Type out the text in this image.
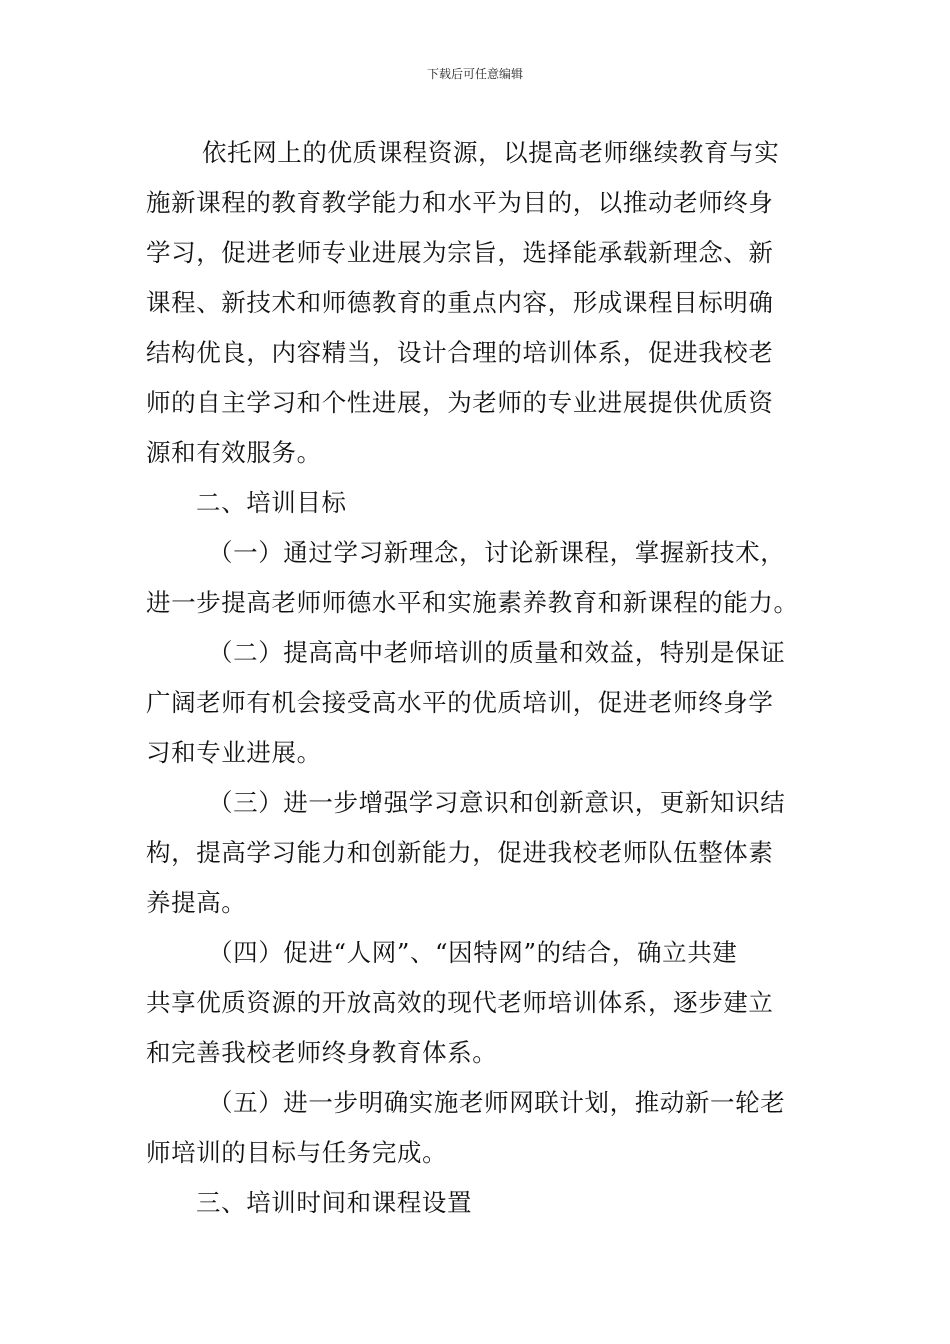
下载后可任意编辑
依托网上的优质课程资源，以提高老师继续教育与实
施新课程的教育教学能力和水平为目的，以推动老师终身
学习，促进老师专业进展为宗旨，选择能承载新理念、新
课程、新技术和师德教育的重点内容，形成课程目标明确
结构优良，内容精当，设计合理的培训体系，促进我校老
师的自主学习和个性进展，为老师的专业进展提供优质资
源和有效服务。
二、培训目标
（一）通过学习新理念，讨论新课程，掌握新技术，
进一步提高老师师德水平和实施素养教育和新课程的能力。
（二）提高高中老师培训的质量和效益，特别是保证
广阔老师有机会接受高水平的优质培训，促进老师终身学
习和专业进展。
（三）进一步增强学习意识和创新意识，更新知识结
构，提高学习能力和创新能力，促进我校老师队伍整体素
养提高。
（四）促进“人网”、“因特网”的结合，确立共建
共享优质资源的开放高效的现代老师培训体系，逐步建立
和完善我校老师终身教育体系。
（五）进一步明确实施老师网联计划，推动新一轮老
师培训的目标与任务完成。
三、培训时间和课程设置
